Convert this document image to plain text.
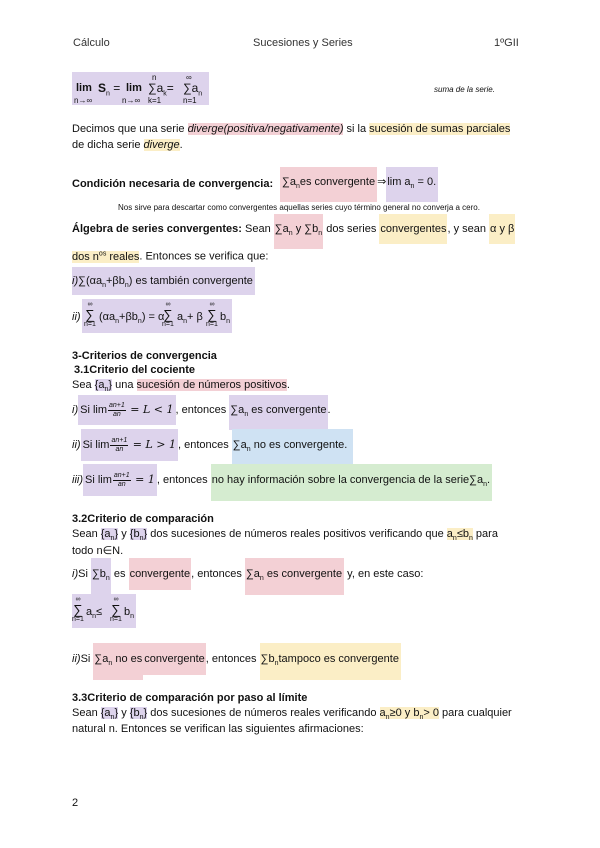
Cálculo	Sucesiones y Series	1ºGII
lim
n→∞
$S_n = \lim$
n→∞
n
$\sum a_k=$
k=1
∞
$\sum a_n$
n=1
suma de la serie.
Decimos que una serie diverge(positiva/negativamente) si la sucesión de sumas parciales
de dicha serie diverge.
Condición necesaria de convergencia: $\sum a_nes$ convergente ⇒lim $a_n = 0$.
Nos sirve para descartar como convergentes aquellas series cuyo término general no converja a cero.
Álgebra de series convergentes: Sean $\sum a_n$ y $\sum b_n$ dos series convergentes, y sean α y β
dos $n^{os}$ reales. Entonces se verifica que:
$i)\sum(\alpha a_n+\beta b_n)$ es también convergente
ii)
∞
∑
n=1
$(\alpha a_n+\beta b_n) = \alpha$
∞
∑
n=1
$a_n+ \beta$
∞
∑
n=1
$b_n$
3-Criterios de convergencia
3.1Criterio del cociente
Sea $\{a_n\}$ una sucesión de números positivos.
i)Si $\lim \frac{an+1}{an} = L < 1$ , entonces $\sum a_n$ es convergente.
ii)Si $\lim \frac{an+1}{an} = L > 1$ , entonces $\sum a_n$ no es convergente.
iii)Si $\lim \frac{an+1}{an} = 1$ , entonces no hay información sobre la convergencia de la $serie\sum a_n$.
3.2Criterio de comparación
Sean $\{a_n\}$ y $\{b_n\}$ dos sucesiones de números reales positivos verificando que $a_n\le b_n$ para
todo n∈N.
i)Si $\sum b_n$ es convergente, entonces $\sum a_n$ es convergente y, en este caso:
∞
∑
n=1
$a_n\le$
∞
∑
n=1
$b_n$
ii)Si $\sum a_n$ no esconvergente, entonces $\sum b_ntampoco$ es convergente
3.3Criterio de comparación por paso al límite
Sean $\{a_n\}$ y $\{b_n\}$ dos sucesiones de números reales verificando $a_n\ge 0$ y $b_n> 0$ para cualquier
natural n. Entonces se verifican las siguientes afirmaciones:
2
